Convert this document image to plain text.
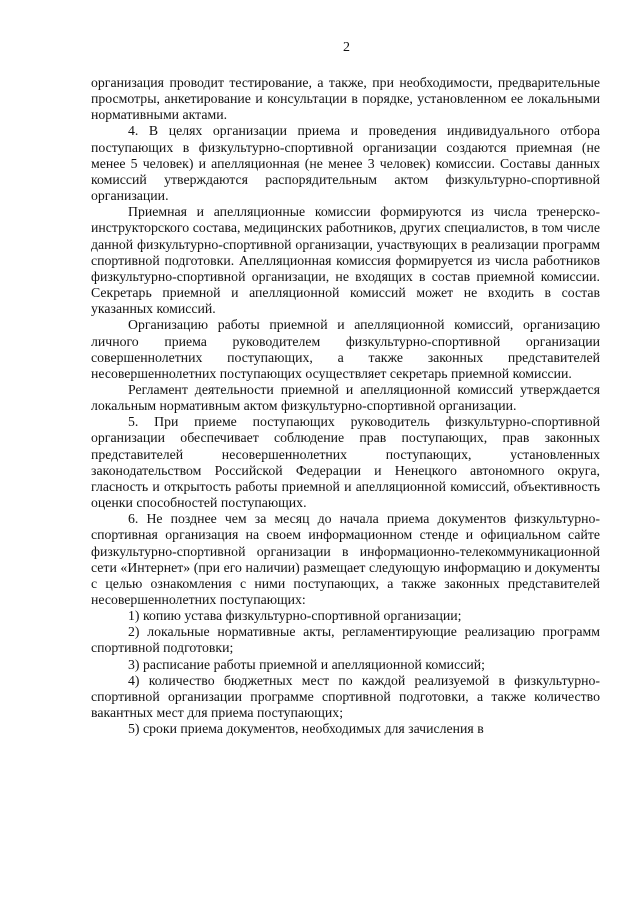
2

организация проводит тестирование, а также, при необходимости, предварительные просмотры, анкетирование и консультации в порядке, установленном ее локальными нормативными актами.

4. В целях организации приема и проведения индивидуального отбора поступающих в физкультурно-спортивной организации создаются приемная (не менее 5 человек) и апелляционная (не менее 3 человек) комиссии. Составы данных комиссий утверждаются распорядительным актом физкультурно-спортивной организации.

Приемная и апелляционные комиссии формируются из числа тренерско-инструкторского состава, медицинских работников, других специалистов, в том числе данной физкультурно-спортивной организации, участвующих в реализации программ спортивной подготовки. Апелляционная комиссия формируется из числа работников физкультурно-спортивной организации, не входящих в состав приемной комиссии. Секретарь приемной и апелляционной комиссий может не входить в состав указанных комиссий.

Организацию работы приемной и апелляционной комиссий, организацию личного приема руководителем физкультурно-спортивной организации совершеннолетних поступающих, а также законных представителей несовершеннолетних поступающих осуществляет секретарь приемной комиссии.

Регламент деятельности приемной и апелляционной комиссий утверждается локальным нормативным актом физкультурно-спортивной организации.

5. При приеме поступающих руководитель физкультурно-спортивной организации обеспечивает соблюдение прав поступающих, прав законных представителей несовершеннолетних поступающих, установленных законодательством Российской Федерации и Ненецкого автономного округа, гласность и открытость работы приемной и апелляционной комиссий, объективность оценки способностей поступающих.

6. Не позднее чем за месяц до начала приема документов физкультурно-спортивная организация на своем информационном стенде и официальном сайте физкультурно-спортивной организации в информационно-телекоммуникационной сети «Интернет» (при его наличии) размещает следующую информацию и документы с целью ознакомления с ними поступающих, а также законных представителей несовершеннолетних поступающих:

1) копию устава физкультурно-спортивной организации;

2) локальные нормативные акты, регламентирующие реализацию программ спортивной подготовки;

3) расписание работы приемной и апелляционной комиссий;

4) количество бюджетных мест по каждой реализуемой в физкультурно-спортивной организации программе спортивной подготовки, а также количество вакантных мест для приема поступающих;

5) сроки приема документов, необходимых для зачисления в
